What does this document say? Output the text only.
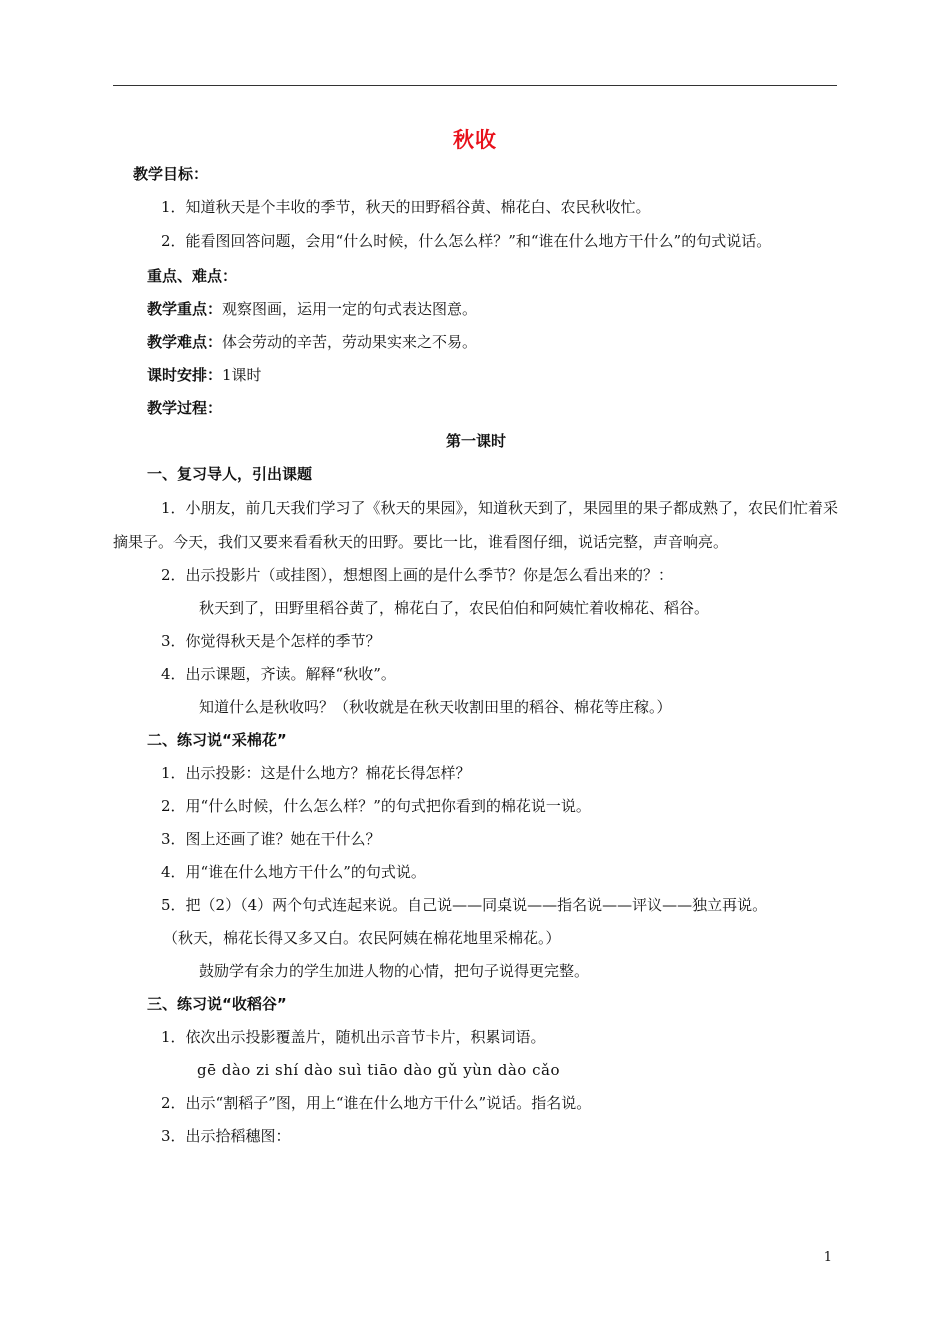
秋收
教学目标：
1．知道秋天是个丰收的季节，秋天的田野稻谷黄、棉花白、农民秋收忙。
2．能看图回答问题，会用“什么时候，什么怎么样？”和“谁在什么地方干什么”的句式说话。
重点、难点：
教学重点：观察图画，运用一定的句式表达图意。
教学难点：体会劳动的辛苦，劳动果实来之不易。
课时安排：1课时
教学过程：
第一课时
一、复习导人，引出课题
1．小朋友，前几天我们学习了《秋天的果园》，知道秋天到了，果园里的果子都成熟了，农民们忙着采摘果子。今天，我们又要来看看秋天的田野。要比一比，谁看图仔细，说话完整，声音响亮。
2．出示投影片（或挂图），想想图上画的是什么季节？你是怎么看出来的？：
秋天到了，田野里稻谷黄了，棉花白了，农民伯伯和阿姨忙着收棉花、稻谷。
3．你觉得秋天是个怎样的季节？
4．出示课题，齐读。解释“秋收”。
知道什么是秋收吗？（秋收就是在秋天收割田里的稻谷、棉花等庄稼。）
二、练习说“采棉花”
1．出示投影：这是什么地方？棉花长得怎样？
2．用“什么时候，什么怎么样？”的句式把你看到的棉花说一说。
3．图上还画了谁？她在干什么？
4．用“谁在什么地方干什么”的句式说。
5．把（2）（4）两个句式连起来说。自己说——同桌说——指名说——评议——独立再说。
（秋天，棉花长得又多又白。农民阿姨在棉花地里采棉花。）
鼓励学有余力的学生加进人物的心情，把句子说得更完整。
三、练习说“收稻谷”
1．依次出示投影覆盖片，随机出示音节卡片，积累词语。
gē dào zi shí dào suì tiāo dào gǔ yùn dào cǎo
2．出示“割稻子”图，用上“谁在什么地方干什么”说话。指名说。
3．出示拾稻穗图：
1
